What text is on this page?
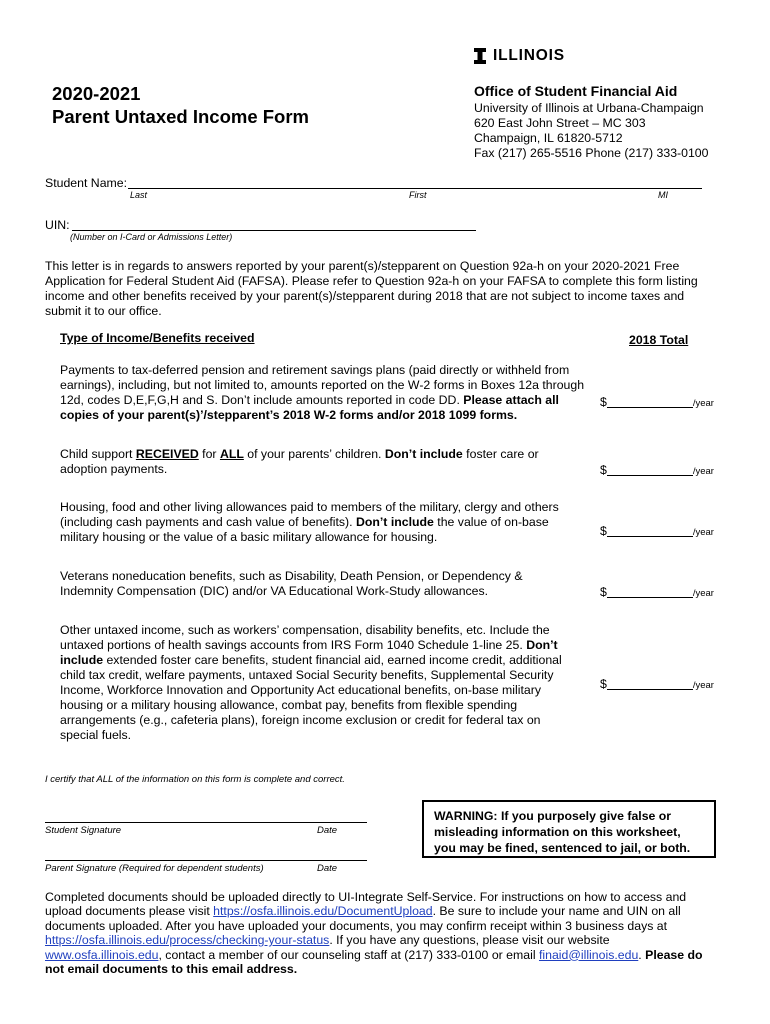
ILLINOIS
2020-2021
Parent Untaxed Income Form
Office of Student Financial Aid
University of Illinois at Urbana-Champaign
620 East John Street – MC 303
Champaign, IL 61820-5712
Fax (217) 265-5516 Phone (217) 333-0100
Student Name:
Last	First	MI
UIN:
(Number on I-Card or Admissions Letter)
This letter is in regards to answers reported by your parent(s)/stepparent on Question 92a-h on your 2020-2021 Free Application for Federal Student Aid (FAFSA). Please refer to Question 92a-h on your FAFSA to complete this form listing income and other benefits received by your parent(s)/stepparent during 2018 that are not subject to income taxes and submit it to our office.
Type of Income/Benefits received	2018 Total
Payments to tax-deferred pension and retirement savings plans (paid directly or withheld from earnings), including, but not limited to, amounts reported on the W-2 forms in Boxes 12a through 12d, codes D,E,F,G,H and S. Don’t include amounts reported in code DD. Please attach all copies of your parent(s)’/stepparent’s 2018 W-2 forms and/or 2018 1099 forms.
$	/year
Child support RECEIVED for ALL of your parents’ children. Don’t include foster care or adoption payments.	$	/year
Housing, food and other living allowances paid to members of the military, clergy and others (including cash payments and cash value of benefits). Don’t include the value of on-base military housing or the value of a basic military allowance for housing.	$	/year
Veterans noneducation benefits, such as Disability, Death Pension, or Dependency & Indemnity Compensation (DIC) and/or VA Educational Work-Study allowances.	$	/year
Other untaxed income, such as workers’ compensation, disability benefits, etc. Include the untaxed portions of health savings accounts from IRS Form 1040 Schedule 1-line 25. Don’t include extended foster care benefits, student financial aid, earned income credit, additional child tax credit, welfare payments, untaxed Social Security benefits, Supplemental Security Income, Workforce Innovation and Opportunity Act educational benefits, on-base military housing or a military housing allowance, combat pay, benefits from flexible spending arrangements (e.g., cafeteria plans), foreign income exclusion or credit for federal tax on special fuels.
$	/year
I certify that ALL of the information on this form is complete and correct.
Student Signature	Date
Parent Signature (Required for dependent students)	Date
WARNING: If you purposely give false or misleading information on this worksheet, you may be fined, sentenced to jail, or both.
Completed documents should be uploaded directly to UI-Integrate Self-Service. For instructions on how to access and upload documents please visit https://osfa.illinois.edu/DocumentUpload. Be sure to include your name and UIN on all documents uploaded. After you have uploaded your documents, you may confirm receipt within 3 business days at https://osfa.illinois.edu/process/checking-your-status. If you have any questions, please visit our website www.osfa.illinois.edu, contact a member of our counseling staff at (217) 333-0100 or email finaid@illinois.edu. Please do not email documents to this email address.
